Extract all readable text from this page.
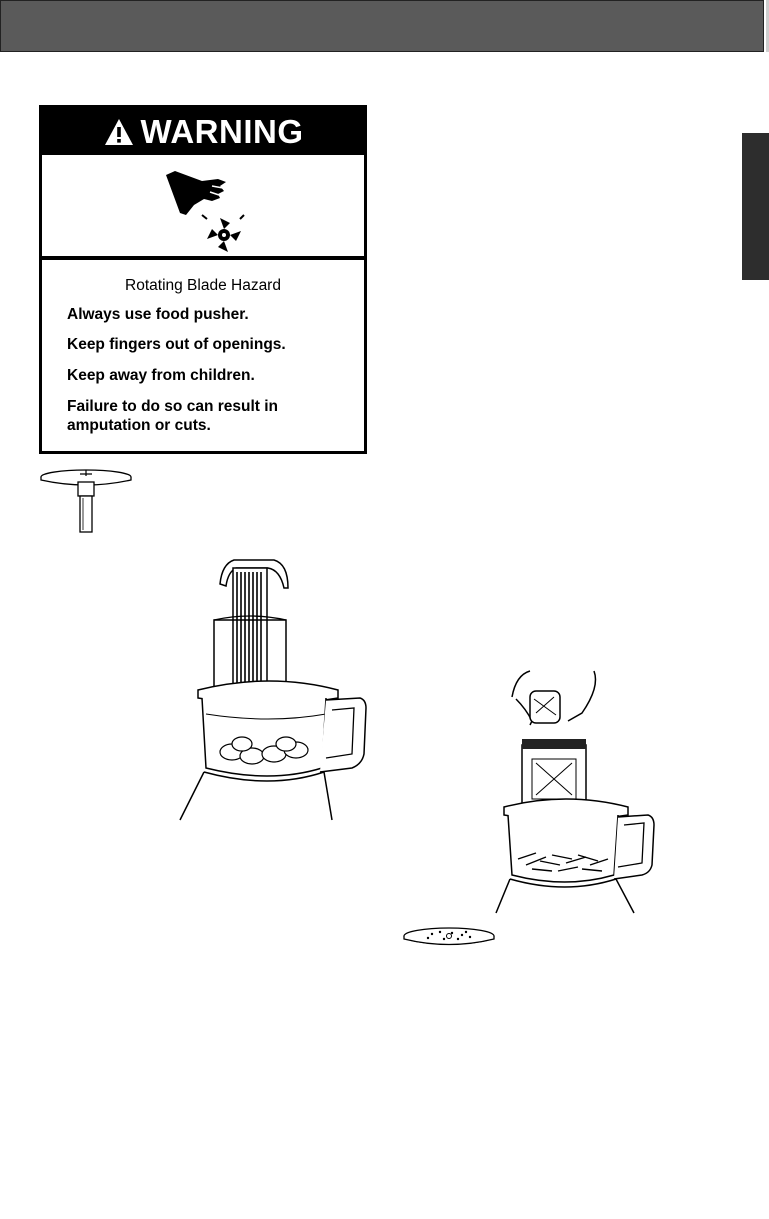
WARNING
Rotating Blade Hazard
Always use food pusher.
Keep fingers out of openings.
Keep away from children.
Failure to do so can result in amputation or cuts.
